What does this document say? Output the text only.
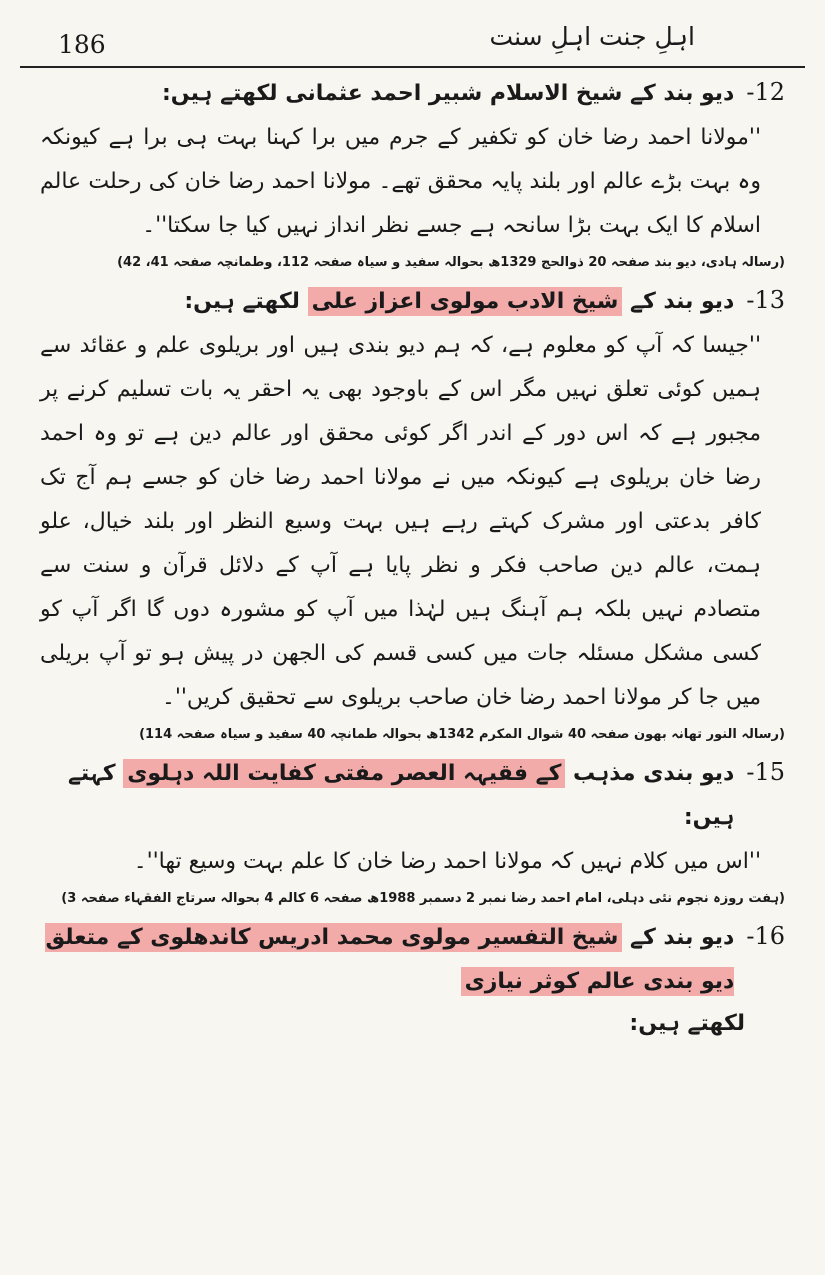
186	اہلِ جنت اہلِ سنت
-12
دیو بند کے شیخ الاسلام شبیر احمد عثمانی لکھتے ہیں:
''مولانا احمد رضا خان کو تکفیر کے جرم میں برا کہنا بہت ہی برا ہے کیونکہ وہ بہت بڑے عالم اور بلند پایہ محقق تھے۔ مولانا احمد رضا خان کی رحلت عالم اسلام کا ایک بہت بڑا سانحہ ہے جسے نظر انداز نہیں کیا جا سکتا''۔
(رسالہ ہادی، دیو بند صفحہ 20 ذوالحج 1329ھ بحوالہ سفید و سیاہ صفحہ 112، وطمانچہ صفحہ 41، 42)
-13
دیو بند کے شیخ الادب مولوی اعزاز علی لکھتے ہیں:
''جیسا کہ آپ کو معلوم ہے، کہ ہم دیو بندی ہیں اور بریلوی علم و عقائد سے ہمیں کوئی تعلق نہیں مگر اس کے باوجود بھی یہ احقر یہ بات تسلیم کرنے پر مجبور ہے کہ اس دور کے اندر اگر کوئی محقق اور عالم دین ہے تو وہ احمد رضا خان بریلوی ہے کیونکہ میں نے مولانا احمد رضا خان کو جسے ہم آج تک کافر بدعتی اور مشرک کہتے رہے ہیں بہت وسیع النظر اور بلند خیال، علو ہمت، عالم دین صاحب فکر و نظر پایا ہے آپ کے دلائل قرآن و سنت سے متصادم نہیں بلکہ ہم آہنگ ہیں لہٰذا میں آپ کو مشورہ دوں گا اگر آپ کو کسی مشکل مسئلہ جات میں کسی قسم کی الجھن در پیش ہو تو آپ بریلی میں جا کر مولانا احمد رضا خان صاحب بریلوی سے تحقیق کریں''۔
(رسالہ النور تھانہ بھون صفحہ 40 شوال المکرم 1342ھ بحوالہ طمانچہ 40 سفید و سیاہ صفحہ 114)
-15
دیو بندی مذہب کے فقیہہ العصر مفتی کفایت اللہ دہلوی کہتے ہیں:
''اس میں کلام نہیں کہ مولانا احمد رضا خان کا علم بہت وسیع تھا''۔
(ہفت روزہ نجوم نئی دہلی، امام احمد رضا نمبر 2 دسمبر 1988ھ صفحہ 6 کالم 4 بحوالہ سرتاج الفقہاء صفحہ 3)
-16
دیو بند کے شیخ التفسیر مولوی محمد ادریس کاندھلوی کے متعلق دیو بندی عالم کوثر نیازی
لکھتے ہیں:
